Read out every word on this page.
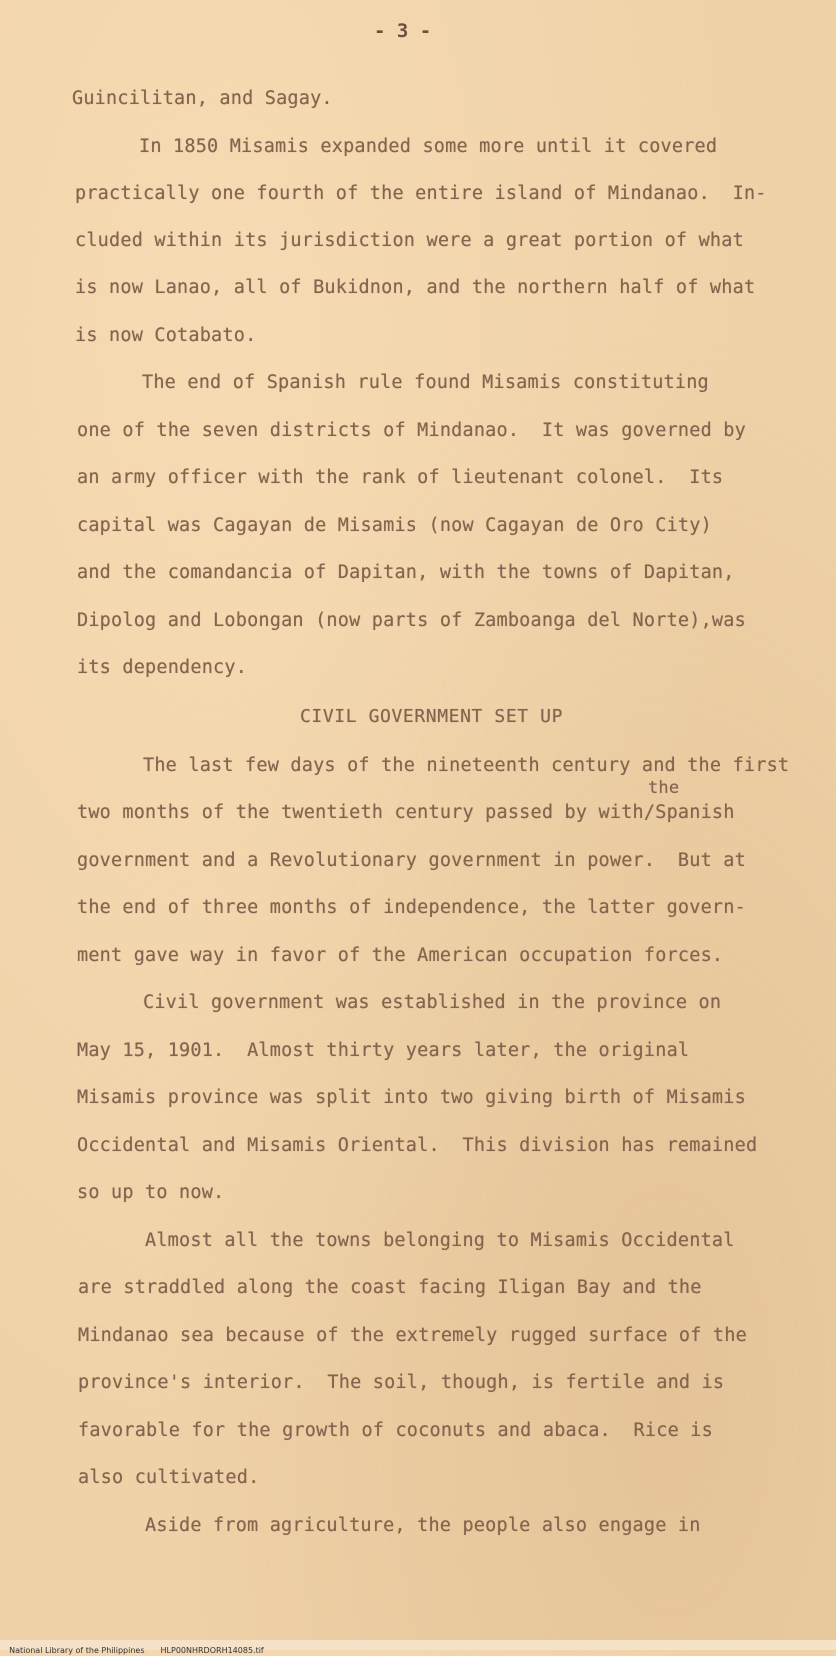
- 3 -

Guincilitan, and Sagay.

In 1850 Misamis expanded some more until it covered

practically one fourth of the entire island of Mindanao.  In-

cluded within its jurisdiction were a great portion of what

is now Lanao, all of Bukidnon, and the northern half of what

is now Cotabato.

The end of Spanish rule found Misamis constituting

one of the seven districts of Mindanao.  It was governed by

an army officer with the rank of lieutenant colonel.  Its

capital was Cagayan de Misamis (now Cagayan de Oro City)

and the comandancia of Dapitan, with the towns of Dapitan,

Dipolog and Lobongan (now parts of Zamboanga del Norte),was

its dependency.

CIVIL GOVERNMENT SET UP

The last few days of the nineteenth century and the first

the

two months of the twentieth century passed by with/Spanish

government and a Revolutionary government in power.  But at

the end of three months of independence, the latter govern-

ment gave way in favor of the American occupation forces.

Civil government was established in the province on

May 15, 1901.  Almost thirty years later, the original

Misamis province was split into two giving birth of Misamis

Occidental and Misamis Oriental.  This division has remained

so up to now.

Almost all the towns belonging to Misamis Occidental

are straddled along the coast facing Iligan Bay and the

Mindanao sea because of the extremely rugged surface of the

province's interior.  The soil, though, is fertile and is

favorable for the growth of coconuts and abaca.  Rice is

also cultivated.

Aside from agriculture, the people also engage in

National Library of the Philippines HLP00NHRDORH14085.tif
